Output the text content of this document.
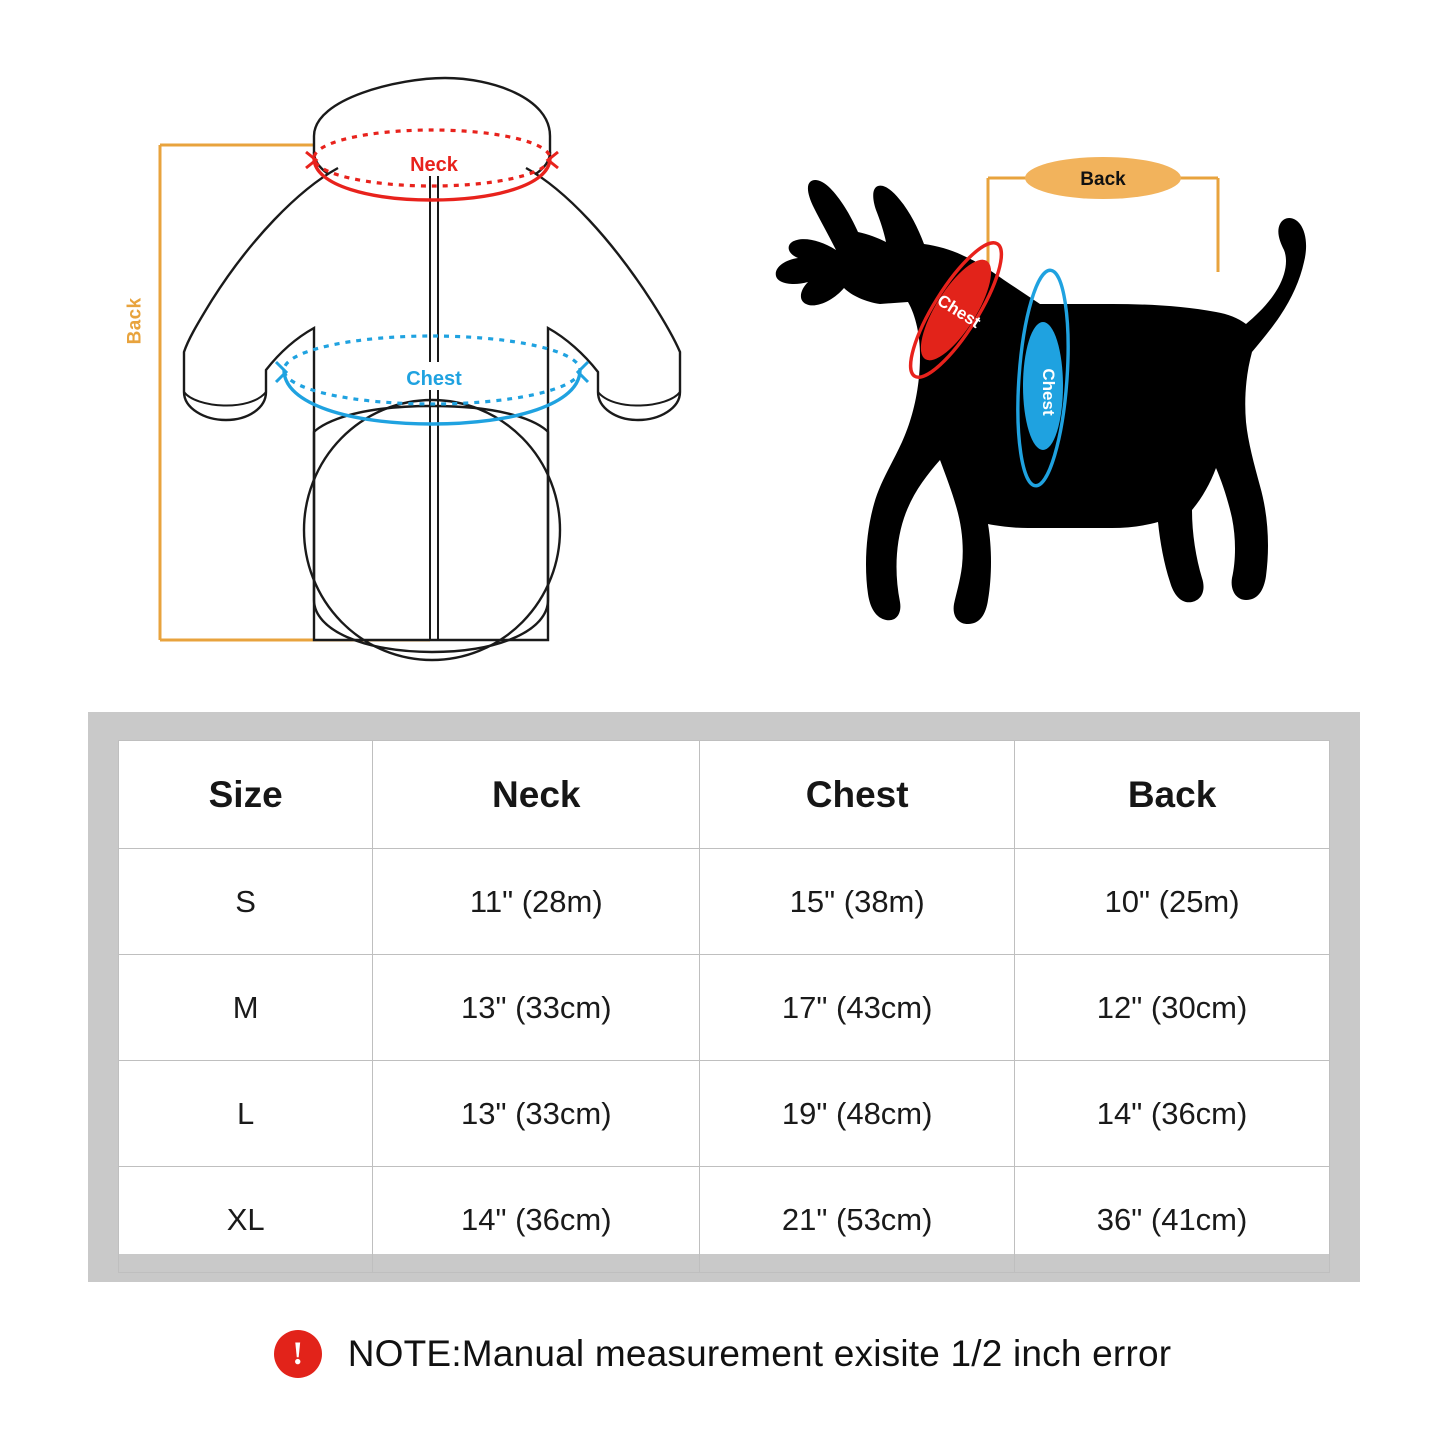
Neck
Chest
Back	Chest
Chest
Back
Size	Neck	Chest	Back
S	11" (28m)	15" (38m)	10" (25m)
M	13" (33cm)	17" (43cm)	12" (30cm)
L	13" (33cm)	19" (48cm)	14" (36cm)
XL	14" (36cm)	21" (53cm)	36" (41cm)
!	NOTE:Manual measurement exisite 1/2 inch error
